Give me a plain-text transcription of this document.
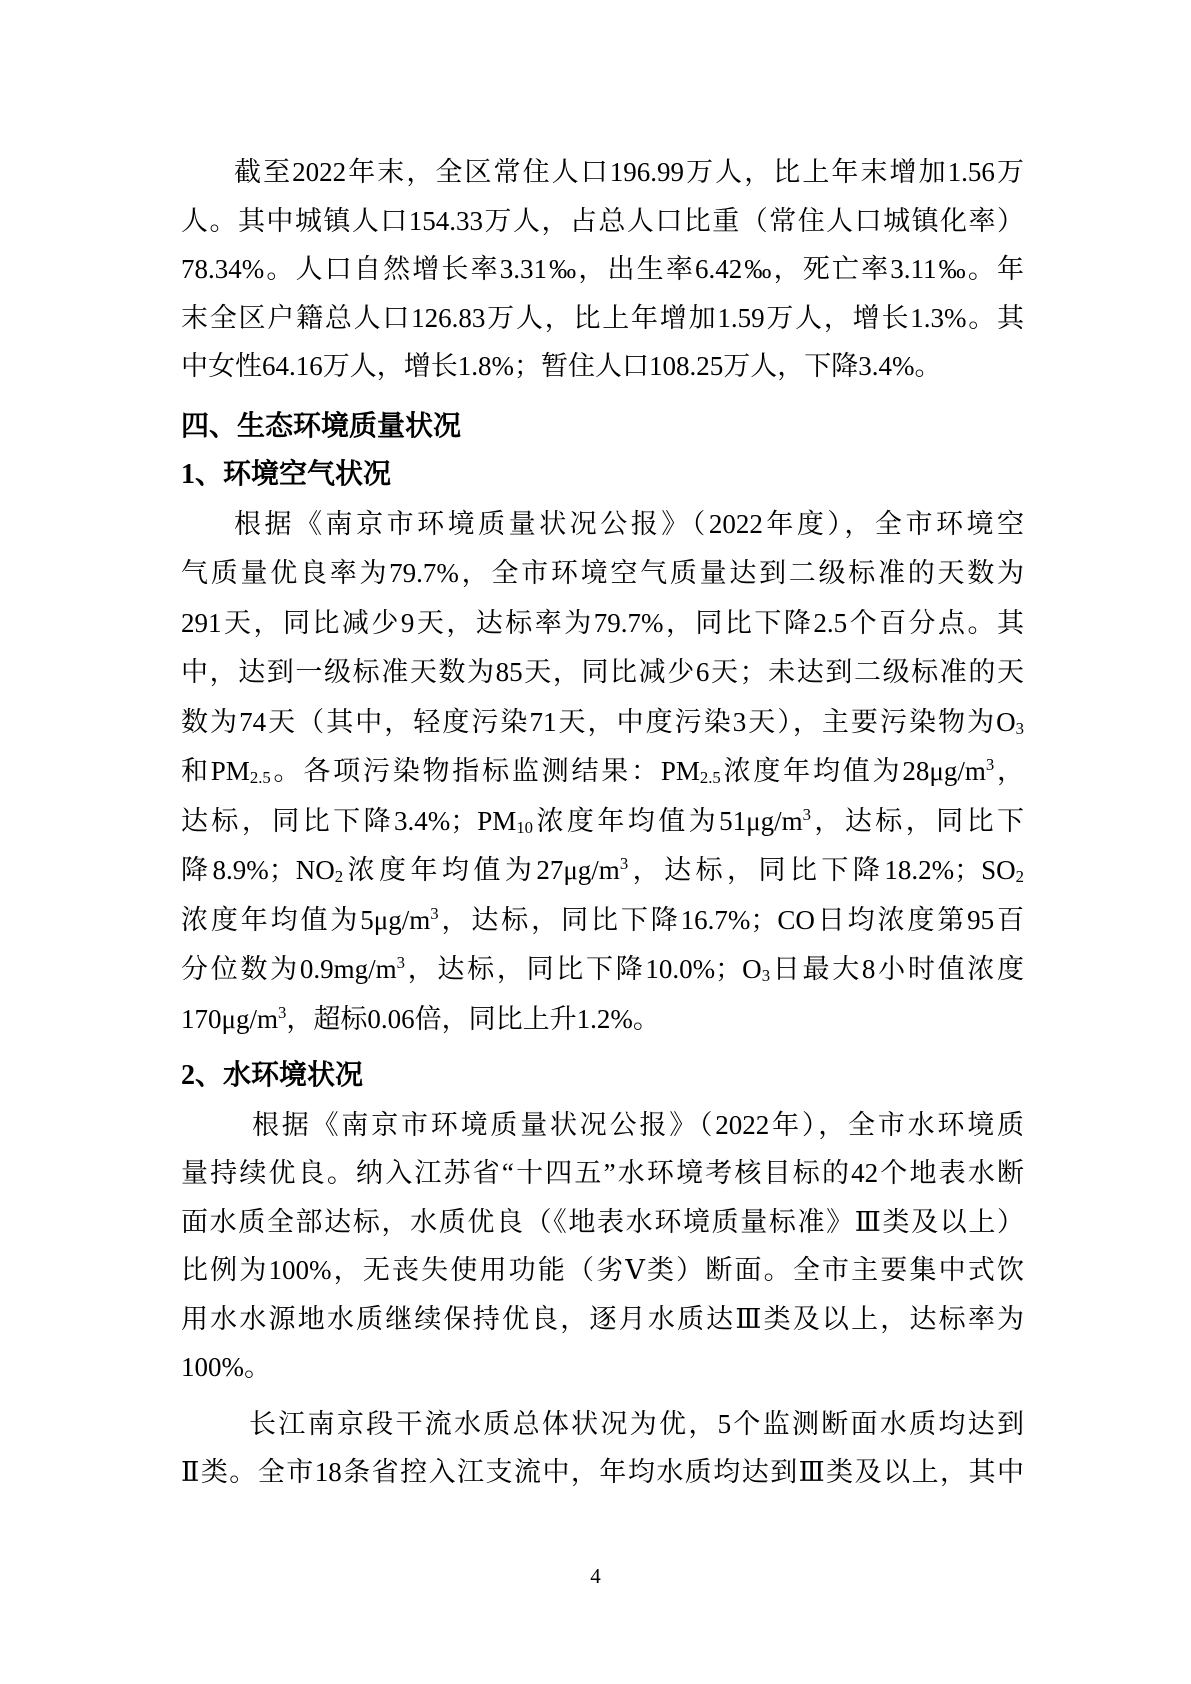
截至2022年末，全区常住人口196.99万人，比上年末增加1.56万
人。其中城镇人口154.33万人，占总人口比重（常住人口城镇化率）
78.34%。人口自然增长率3.31‰，出生率6.42‰，死亡率3.11‰。年
末全区户籍总人口126.83万人，比上年增加1.59万人，增长1.3%。其
中女性64.16万人，增长1.8%；暂住人口108.25万人，下降3.4%。
四、生态环境质量状况
1、环境空气状况
根据《南京市环境质量状况公报》（2022年度），全市环境空
气质量优良率为79.7%，全市环境空气质量达到二级标准的天数为
291天，同比减少9天，达标率为79.7%，同比下降2.5个百分点。其
中，达到一级标准天数为85天，同比减少6天；未达到二级标准的天
数为74天（其中，轻度污染71天，中度污染3天），主要污染物为$O_3$
和$PM_{2.5}$。各项污染物指标监测结果：$PM_{2.5}$浓度年均值为$28\mu g/m^3$，
达标，同比下降3.4%；$PM_{10}$浓度年均值为$51\mu g/m^3$，达标，同比下
降8.9%；$NO_2$浓度年均值为$27\mu g/m^3$，达标，同比下降18.2%；$SO_2$
浓度年均值为$5\mu g/m^3$，达标，同比下降16.7%；CO日均浓度第95百
分位数为$0.9mg/m^3$，达标，同比下降10.0%；$O_3$日最大8小时值浓度
$170\mu g/m^3$，超标0.06倍，同比上升1.2%。
2、水环境状况
根据《南京市环境质量状况公报》（2022年），全市水环境质
量持续优良。纳入江苏省“十四五”水环境考核目标的42个地表水断
面水质全部达标，水质优良（《地表水环境质量标准》Ⅲ类及以上）
比例为100%，无丧失使用功能（劣Ⅴ类）断面。全市主要集中式饮
用水水源地水质继续保持优良，逐月水质达Ⅲ类及以上，达标率为
100%。
长江南京段干流水质总体状况为优，5个监测断面水质均达到
Ⅱ类。全市18条省控入江支流中，年均水质均达到Ⅲ类及以上，其中
4
